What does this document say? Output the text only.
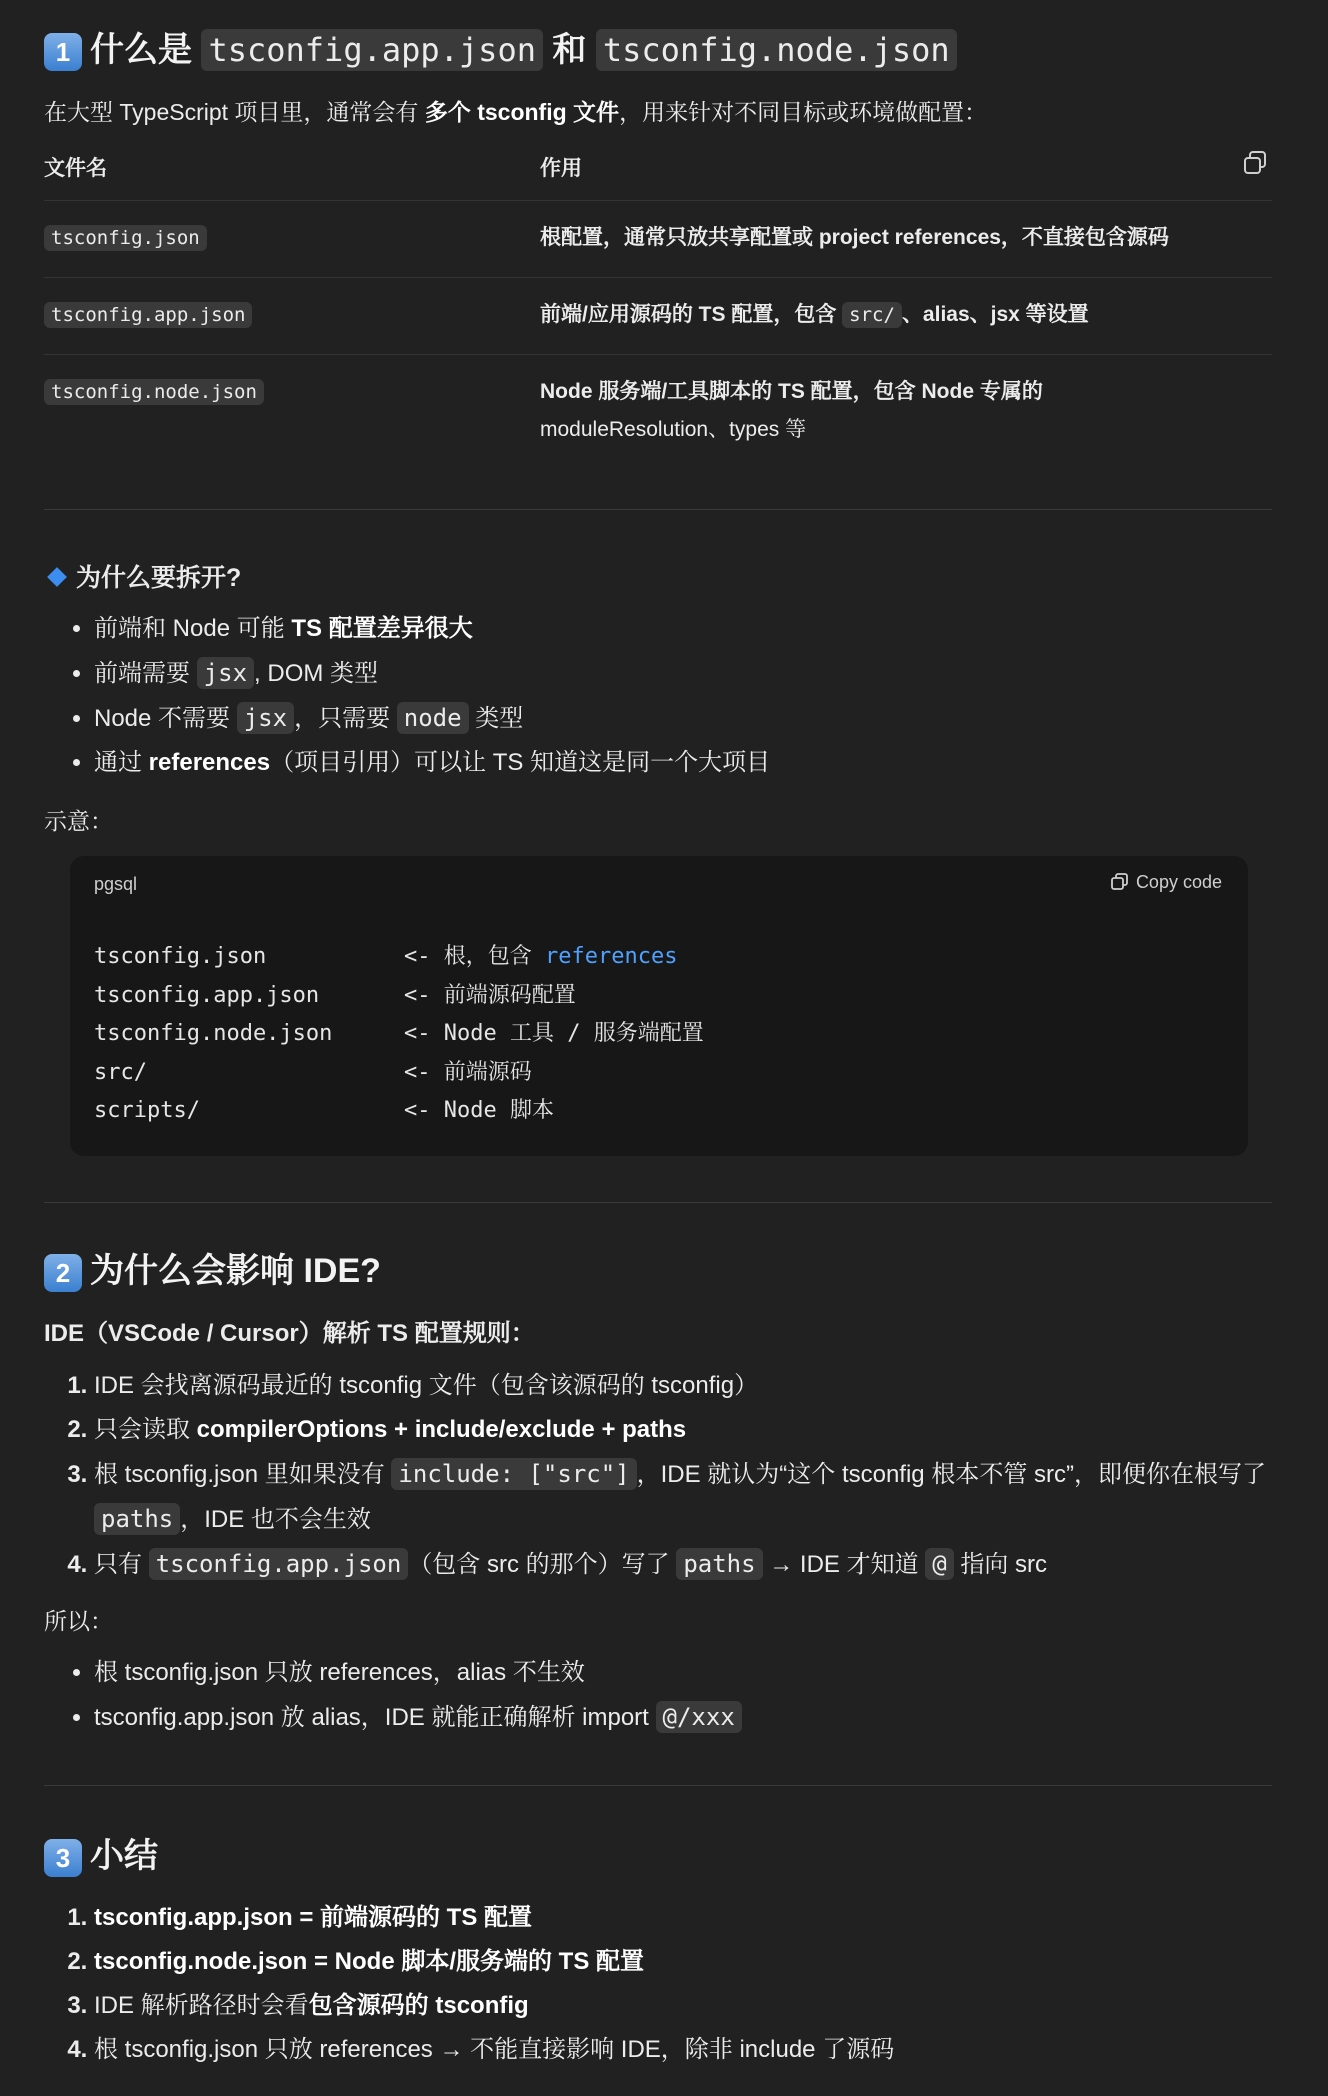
1 什么是 tsconfig.app.json 和 tsconfig.node.json

在大型 TypeScript 项目里，通常会有 多个 tsconfig 文件，用来针对不同目标或环境做配置：

文件名	作用
tsconfig.json	根配置，通常只放共享配置或 project references，不直接包含源码
tsconfig.app.json	前端/应用源码的 TS 配置，包含 src/ 、alias、jsx 等设置
tsconfig.node.json	Node 服务端/工具脚本的 TS 配置，包含 Node 专属的
moduleResolution、types 等
为什么要拆开?
• 前端和 Node 可能 TS 配置差异很大
• 前端需要 jsx , DOM 类型
• Node 不需要 jsx ，只需要 node 类型
• 通过 references（项目引用）可以让 TS 知道这是同一个大项目

示意：

pgsql	Copy code
tsconfig.json	<- 根，包含 references
tsconfig.app.json	<- 前端源码配置
tsconfig.node.json	<- Node 工具 / 服务端配置
src/	<- 前端源码
scripts/	<- Node 脚本
2 为什么会影响 IDE?

IDE（VSCode / Cursor）解析 TS 配置规则：

1. IDE 会找离源码最近的 tsconfig 文件（包含该源码的 tsconfig）
2. 只会读取 compilerOptions + include/exclude + paths
3. 根 tsconfig.json 里如果没有 include: ["src"] ，IDE 就认为“这个 tsconfig 根本不管 src”，即便你在根写了 paths ，IDE 也不会生效
4. 只有 tsconfig.app.json （包含 src 的那个）写了 paths → IDE 才知道 @ 指向 src

所以：

• 根 tsconfig.json 只放 references，alias 不生效
• tsconfig.app.json 放 alias，IDE 就能正确解析 import @/xxx
3 小结
1. tsconfig.app.json = 前端源码的 TS 配置
2. tsconfig.node.json = Node 脚本/服务端的 TS 配置
3. IDE 解析路径时会看包含源码的 tsconfig
4. 根 tsconfig.json 只放 references → 不能直接影响 IDE，除非 include 了源码
